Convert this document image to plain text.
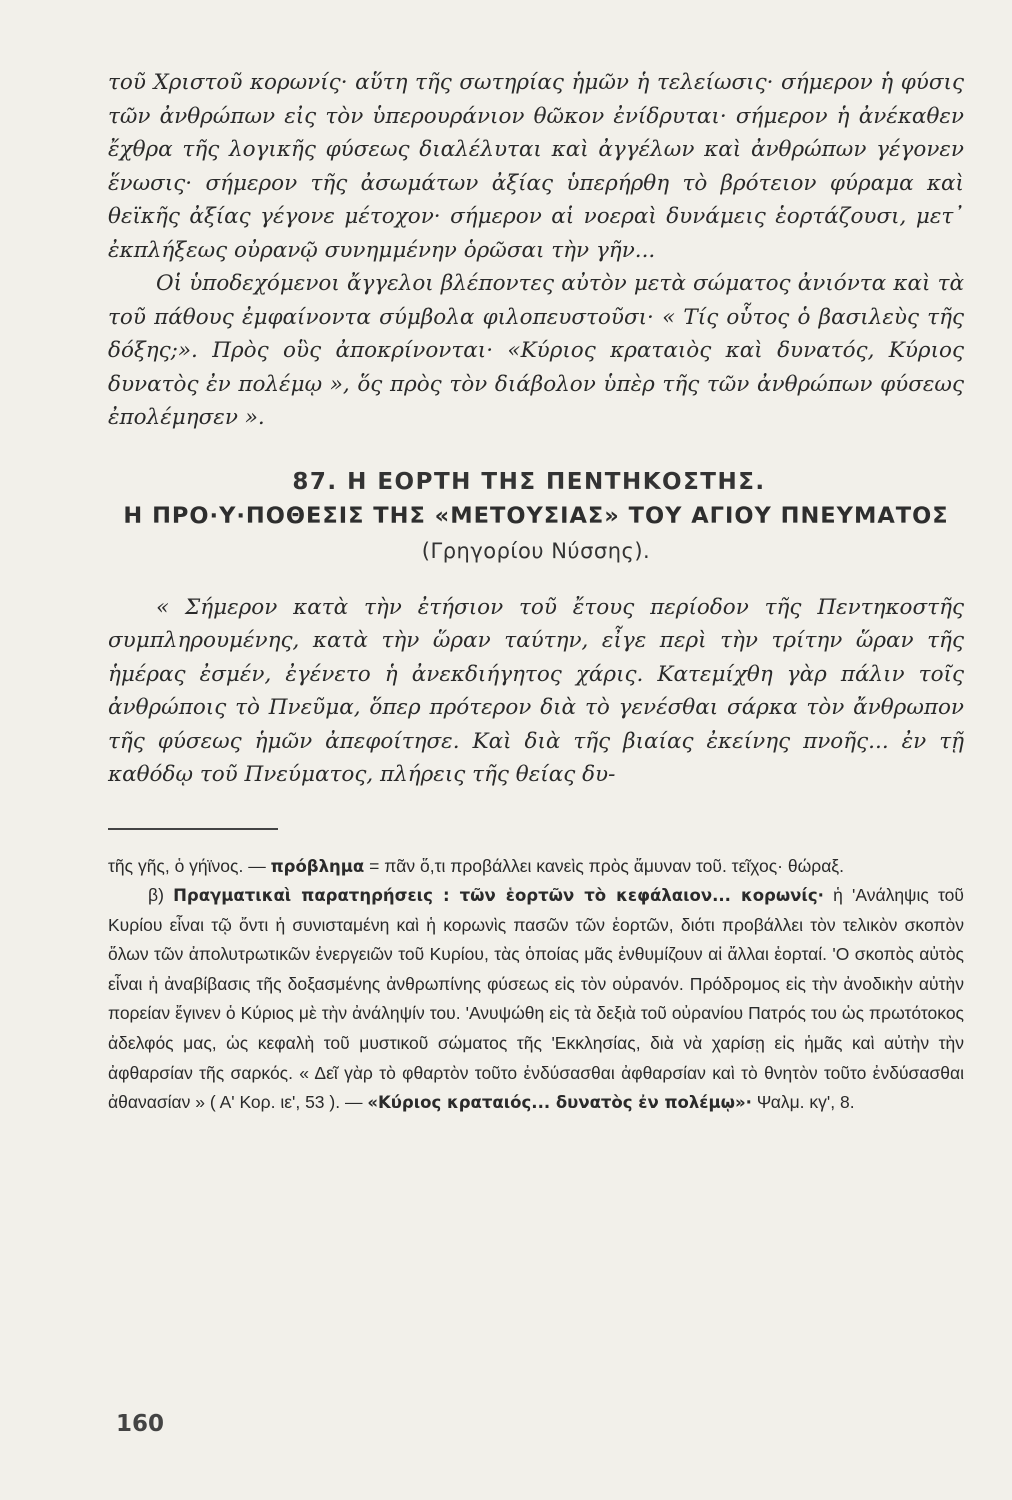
τοῦ Χριστοῦ κορωνίς· αὕτη τῆς σωτηρίας ἡμῶν ἡ τελείωσις· σήμερον ἡ φύσις τῶν ἀνθρώπων εἰς τὸν ὑπερουράνιον θῶκον ἐνίδρυται· σήμερον ἡ ἀνέκαθεν ἔχθρα τῆς λογικῆς φύσεως διαλέλυται καὶ ἀγγέλων καὶ ἀνθρώπων γέγονεν ἕνωσις· σήμερον τῆς ἀσωμάτων ἀξίας ὑπερήρθη τὸ βρότειον φύραμα καὶ θεϊκῆς ἀξίας γέγονε μέτοχον· σήμερον αἱ νοεραὶ δυνάμεις ἑορτάζουσι, μετ᾽ ἐκπλήξεως οὐρανῷ συνημμένην ὁρῶσαι τὴν γῆν...

Οἱ ὑποδεχόμενοι ἄγγελοι βλέποντες αὐτὸν μετὰ σώματος ἀνιόντα καὶ τὰ τοῦ πάθους ἐμφαίνοντα σύμβολα φιλοπευστοῦσι· « Τίς οὗτος ὁ βασιλεὺς τῆς δόξης;». Πρὸς οὓς ἀποκρίνονται· «Κύριος κραταιὸς καὶ δυνατός, Κύριος δυνατὸς ἐν πολέμῳ », ὅς πρὸς τὸν διάβολον ὑπὲρ τῆς τῶν ἀνθρώπων φύσεως ἐπολέμησεν ».

87. Η ΕΟΡΤΗ ΤΗΣ ΠΕΝΤΗΚΟΣΤΗΣ.
Η ΠΡΟ·Υ·ΠΟΘΕΣΙΣ ΤΗΣ «ΜΕΤΟΥΣΙΑΣ» ΤΟΥ ΑΓΙΟΥ ΠΝΕΥΜΑΤΟΣ
(Γρηγορίου Νύσσης).

« Σήμερον κατὰ τὴν ἐτήσιον τοῦ ἔτους περίοδον τῆς Πεντηκοστῆς συμπληρουμένης, κατὰ τὴν ὥραν ταύτην, εἶγε περὶ τὴν τρίτην ὥραν τῆς ἡμέρας ἐσμέν, ἐγένετο ἡ ἀνεκδιήγητος χάρις. Κατεμίχθη γὰρ πάλιν τοῖς ἀνθρώποις τὸ Πνεῦμα, ὅπερ πρότερον διὰ τὸ γενέσθαι σάρκα τὸν ἄνθρωπον τῆς φύσεως ἡμῶν ἀπεφοίτησε. Καὶ διὰ τῆς βιαίας ἐκείνης πνοῆς... ἐν τῇ καθόδῳ τοῦ Πνεύματος, πλήρεις τῆς θείας δυ-

τῆς γῆς, ὁ γήϊνος. — πρόβλημα = πᾶν ὅ,τι προβάλλει κανεὶς πρὸς ἄμυναν τοῦ. τεῖχος· θώραξ.

β) Πραγματικαὶ παρατηρήσεις : τῶν ἑορτῶν τὸ κεφάλαιον... κορωνίς· ἡ 'Ανάληψις τοῦ Κυρίου εἶναι τῷ ὄντι ἡ συνισταμένη καὶ ἡ κορωνὶς πασῶν τῶν ἑορτῶν, διότι προβάλλει τὸν τελικὸν σκοπὸν ὅλων τῶν ἀπολυτρωτικῶν ἐνεργειῶν τοῦ Κυρίου, τὰς ὁποίας μᾶς ἐνθυμίζουν αἱ ἄλλαι ἑορταί. 'Ο σκοπὸς αὐτὸς εἶναι ἡ ἀναβίβασις τῆς δοξασμένης ἀνθρωπίνης φύσεως εἰς τὸν οὐρανόν. Πρόδρομος εἰς τὴν ἀνοδικὴν αὐτὴν πορείαν ἔγινεν ὁ Κύριος μὲ τὴν ἀνάληψίν του. 'Ανυψώθη εἰς τὰ δεξιὰ τοῦ οὐρανίου Πατρός του ὡς πρωτότοκος ἀδελφός μας, ὡς κεφαλὴ τοῦ μυστικοῦ σώματος τῆς 'Εκκλησίας, διὰ νὰ χαρίσῃ εἰς ἡμᾶς καὶ αὐτὴν τὴν ἀφθαρσίαν τῆς σαρκός. « Δεῖ γὰρ τὸ φθαρτὸν τοῦτο ἐνδύσασθαι ἀφθαρσίαν καὶ τὸ θνητὸν τοῦτο ἐνδύσασθαι ἀθανασίαν » ( Α' Κορ. ιε', 53 ). — «Κύριος κραταιός... δυνατὸς ἐν πολέμῳ»· Ψαλμ. κγ', 8.

160
